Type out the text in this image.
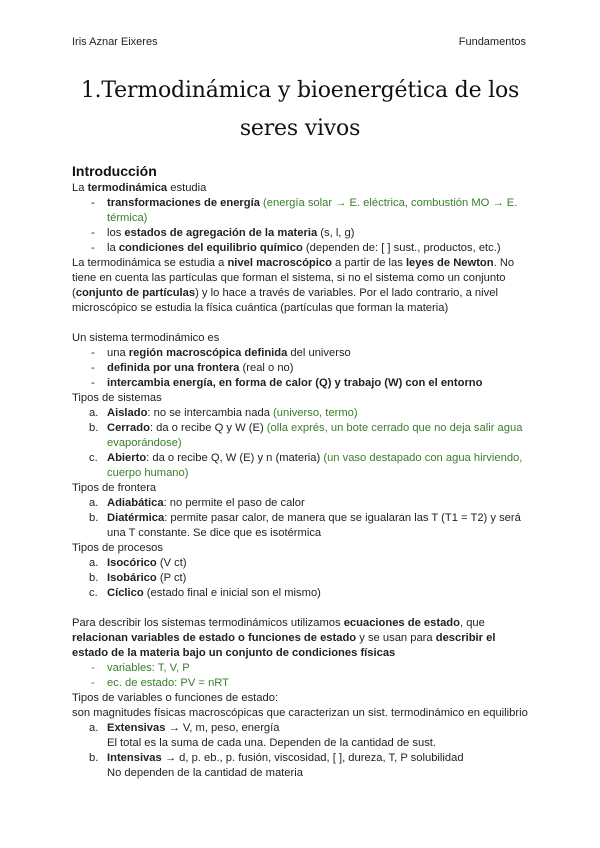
Iris Aznar Eixeres	Fundamentos
1.Termodinámica y bioenergética de los seres vivos
Introducción

La termodinámica estudia

- transformaciones de energía (energía solar → E. eléctrica, combustión MO → E. térmica)
- los estados de agregación de la materia (s, l, g)
- la condiciones del equilibrio químico (dependen de: [ ] sust., productos, etc.)

La termodinámica se estudia a nivel macroscópico a partir de las leyes de Newton. No tiene en cuenta las partículas que forman el sistema, si no el sistema como un conjunto (conjunto de partículas) y lo hace a través de variables. Por el lado contrario, a nivel microscópico se estudia la física cuántica (partículas que forman la materia)

Un sistema termodinámico es

- una región macroscópica definida del universo
- definida por una frontera (real o no)
- intercambia energía, en forma de calor (Q) y trabajo (W) con el entorno

Tipos de sistemas

a. Aislado: no se intercambia nada (universo, termo)
b. Cerrado: da o recibe Q y W (E) (olla exprés, un bote cerrado que no deja salir agua evaporándose)
c. Abierto: da o recibe Q, W (E) y n (materia) (un vaso destapado con agua hirviendo, cuerpo humano)

Tipos de frontera

a. Adiabática: no permite el paso de calor
b. Diatérmica: permite pasar calor, de manera que se igualaran las T (T1 = T2) y será una T constante. Se dice que es isotérmica

Tipos de procesos

a. Isocórico (V ct)
b. Isobárico (P ct)
c. Cíclico (estado final e inicial son el mismo)

Para describir los sistemas termodinámicos utilizamos ecuaciones de estado, que relacionan variables de estado o funciones de estado y se usan para describir el estado de la materia bajo un conjunto de condiciones físicas

- variables: T, V, P
- ec. de estado: PV = nRT

Tipos de variables o funciones de estado:

son magnitudes físicas macroscópicas que caracterizan un sist. termodinámico en equilibrio

a. Extensivas → V, m, peso, energía
El total es la suma de cada una. Dependen de la cantidad de sust.
b. Intensivas → d, p. eb., p. fusión, viscosidad, [ ], dureza, T, P solubilidad
No dependen de la cantidad de materia
